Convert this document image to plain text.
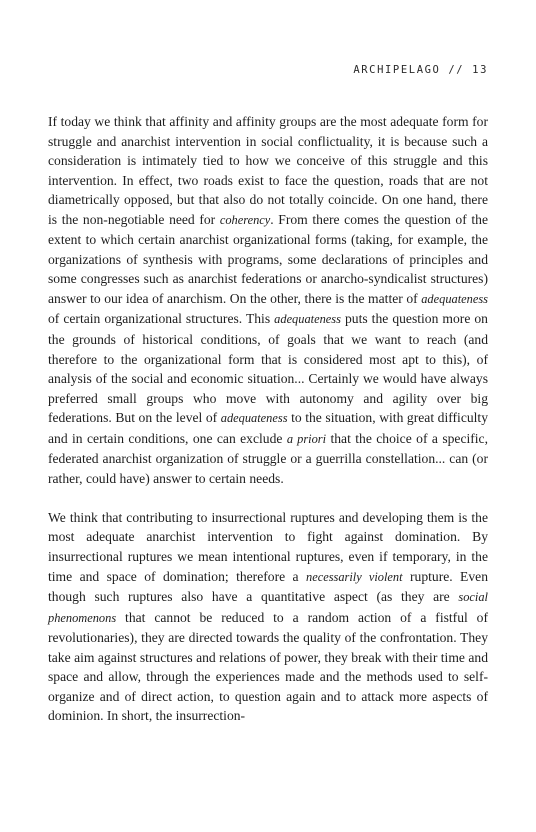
ARCHIPELAGO // 13

If today we think that affinity and affinity groups are the most adequate form for struggle and anarchist intervention in social conflictuality, it is because such a consideration is intimately tied to how we conceive of this struggle and this intervention. In effect, two roads exist to face the question, roads that are not diametrically opposed, but that also do not totally coincide. On one hand, there is the non-negotiable need for coherency. From there comes the question of the extent to which certain anarchist organizational forms (taking, for example, the organizations of synthesis with programs, some declarations of principles and some congresses such as anarchist federations or anarcho-syndicalist structures) answer to our idea of anarchism. On the other, there is the matter of adequateness of certain organizational structures. This adequateness puts the question more on the grounds of historical conditions, of goals that we want to reach (and therefore to the organizational form that is considered most apt to this), of analysis of the social and economic situation... Certainly we would have always preferred small groups who move with autonomy and agility over big federations. But on the level of adequateness to the situation, with great difficulty and in certain conditions, one can exclude a priori that the choice of a specific, federated anarchist organization of struggle or a guerrilla constellation... can (or rather, could have) answer to certain needs.

We think that contributing to insurrectional ruptures and developing them is the most adequate anarchist intervention to fight against domination. By insurrectional ruptures we mean intentional ruptures, even if temporary, in the time and space of domination; therefore a necessarily violent rupture. Even though such ruptures also have a quantitative aspect (as they are social phenomenons that cannot be reduced to a random action of a fistful of revolutionaries), they are directed towards the quality of the confrontation. They take aim against structures and relations of power, they break with their time and space and allow, through the experiences made and the methods used to self-organize and of direct action, to question again and to attack more aspects of dominion. In short, the insurrection-
